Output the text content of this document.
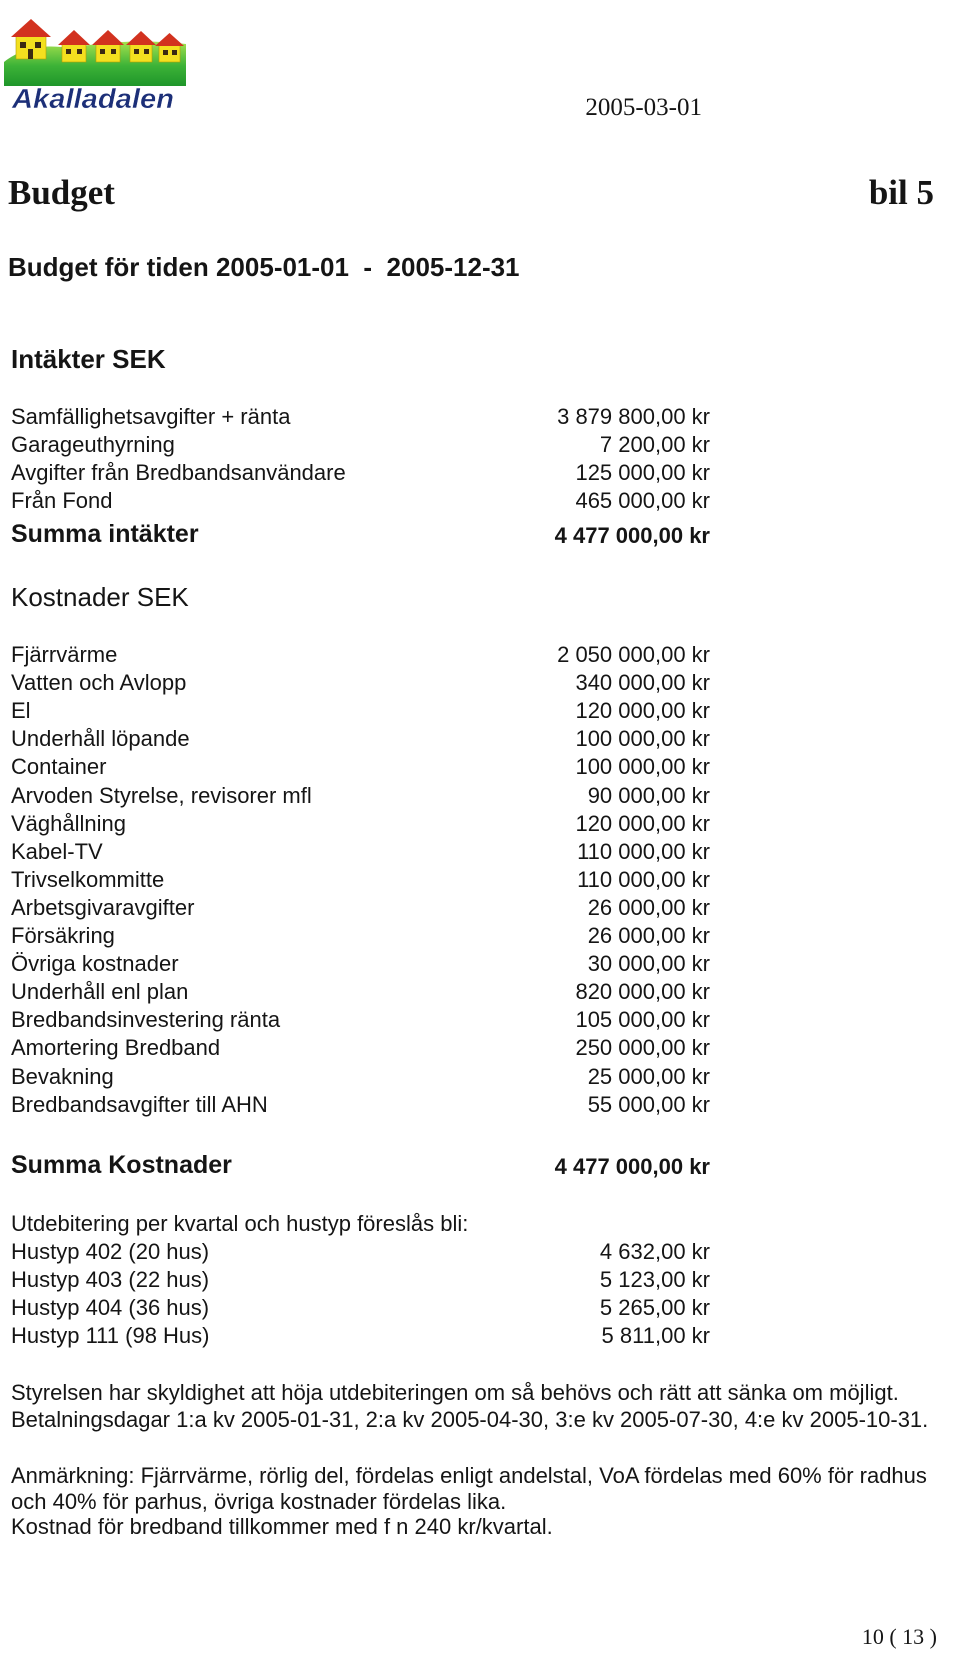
Akalladalen	2005-03-01
Budget	bil 5
Budget för tiden 2005-01-01  -  2005-12-31
Intäkter SEK
Samfällighetsavgifter + ränta	3 879 800,00 kr
Garageuthyrning	7 200,00 kr
Avgifter från Bredbandsanvändare	125 000,00 kr
Från Fond	465 000,00 kr
Summa intäkter	4 477 000,00 kr
Kostnader SEK
Fjärrvärme	2 050 000,00 kr
Vatten och Avlopp	340 000,00 kr
El	120 000,00 kr
Underhåll löpande	100 000,00 kr
Container	100 000,00 kr
Arvoden Styrelse, revisorer mfl	90 000,00 kr
Väghållning	120 000,00 kr
Kabel-TV	110 000,00 kr
Trivselkommitte	110 000,00 kr
Arbetsgivaravgifter	26 000,00 kr
Försäkring	26 000,00 kr
Övriga kostnader	30 000,00 kr
Underhåll enl plan	820 000,00 kr
Bredbandsinvestering ränta	105 000,00 kr
Amortering Bredband	250 000,00 kr
Bevakning	25 000,00 kr
Bredbandsavgifter till AHN	55 000,00 kr
Summa Kostnader	4 477 000,00 kr
Utdebitering per kvartal och hustyp föreslås bli:
Hustyp 402 (20 hus)	4 632,00 kr
Hustyp 403 (22 hus)	5 123,00 kr
Hustyp 404 (36 hus)	5 265,00 kr
Hustyp 111 (98 Hus)	5 811,00 kr
Styrelsen har skyldighet att höja utdebiteringen om så behövs och rätt att sänka om möjligt.
Betalningsdagar 1:a kv 2005-01-31, 2:a kv 2005-04-30, 3:e kv 2005-07-30, 4:e kv 2005-10-31.
Anmärkning: Fjärrvärme, rörlig del, fördelas enligt andelstal, VoA fördelas med 60% för radhus
och 40% för parhus, övriga kostnader fördelas lika.
Kostnad för bredband tillkommer med f n 240 kr/kvartal.
10 ( 13 )
